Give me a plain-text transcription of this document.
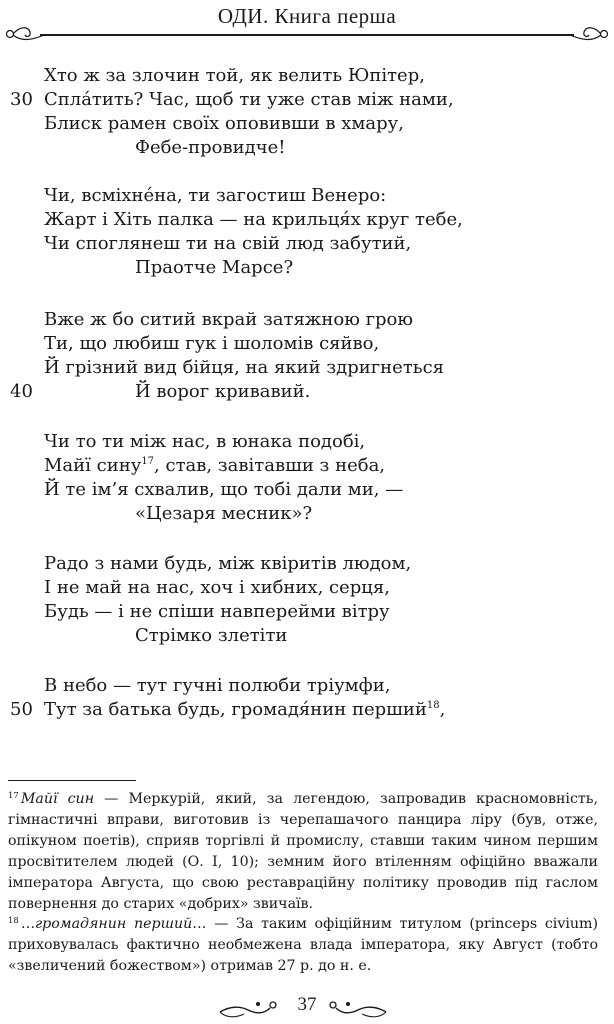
ОДИ. Книга перша
Хто ж за злочин той, як велить Юпітер,
30 Спла́тить? Час, щоб ти уже став між нами,
Блиск рамен своїх оповивши в хмару,
Фебе-провидче!
Чи, всміхне́на, ти загостиш Венеро:
Жарт і Хіть палка — на крильця́х круг тебе,
Чи споглянеш ти на свій люд забутий,
Праотче Марсе?
Вже ж бо ситий вкрай затяжною грою
Ти, що любиш гук і шоломів сяйво,
Й грізний вид бійця, на який здригнеться
40	Й ворог кривавий.
Чи то ти між нас, в юнака подобі,
Майї сину$^{17}$, став, завітавши з неба,
Й те ім’я схвалив, що тобі дали ми, —
«Цезаря месник»?
Радо з нами будь, між квіритів людом,
І не май на нас, хоч і хибних, серця,
Будь — і не спіши навперейми вітру
Стрімко злетіти
В небо — тут гучні полюби тріумфи,
50 Тут за батька будь, громадя́нин перший$^{18}$,
$^{17}$ Майї син — Меркурій, який, за легендою, запровадив красномовність, гімнастичні вправи, виготовив із черепашачого панцира ліру (був, отже, опікуном поетів), сприяв торгівлі й промислу, ставши таким чином першим просвітителем людей (О. І, 10); земним його втіленням офіційно вважали імператора Августа, що свою реставраційну політику проводив під гаслом повернення до старих «добрих» звичаїв.
$^{18}$ …громадянин перший… — За таким офіційним титулом (princeps civium) приховувалась фактично необмежена влада імператора, яку Август (тобто «звеличений божеством») отримав 27 р. до н. е.
37
